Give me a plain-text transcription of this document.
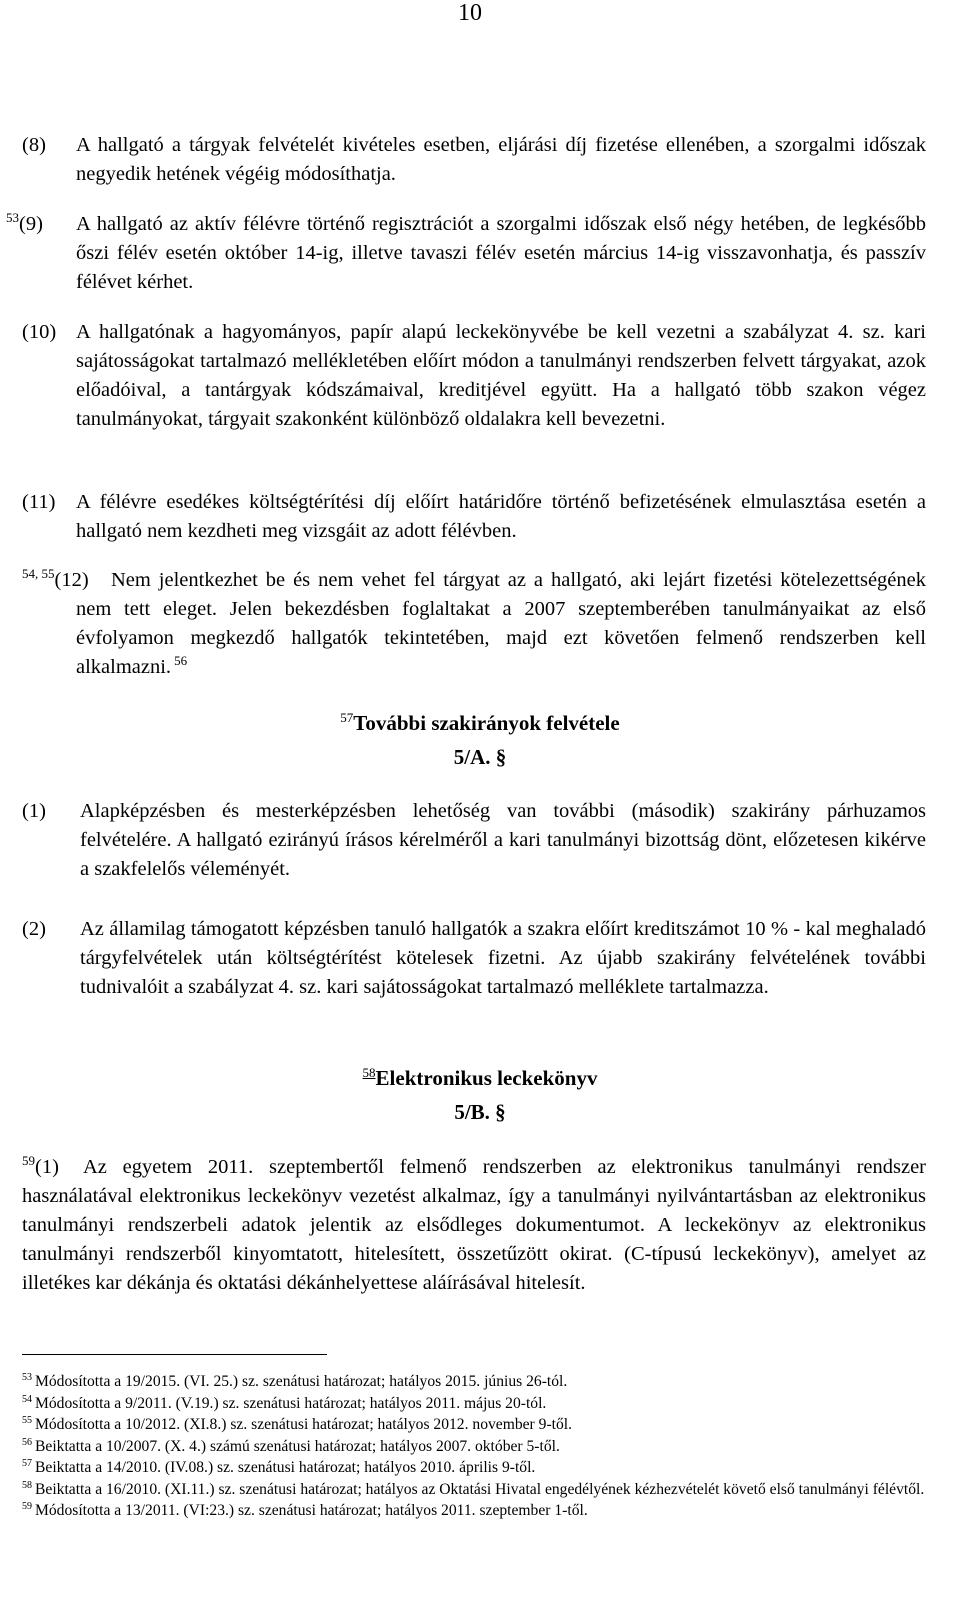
10
(8) A hallgató a tárgyak felvételét kivételes esetben, eljárási díj fizetése ellenében, a szorgalmi időszak negyedik hetének végéig módosíthatja.
$^{53}$(9) A hallgató az aktív félévre történő regisztrációt a szorgalmi időszak első négy hetében, de legkésőbb őszi félév esetén október 14-ig, illetve tavaszi félév esetén március 14-ig visszavonhatja, és passzív félévet kérhet.
(10) A hallgatónak a hagyományos, papír alapú leckekönyvébe be kell vezetni a szabályzat 4. sz. kari sajátosságokat tartalmazó mellékletében előírt módon a tanulmányi rendszerben felvett tárgyakat, azok előadóival, a tantárgyak kódszámaival, kreditjével együtt. Ha a hallgató több szakon végez tanulmányokat, tárgyait szakonként különböző oldalakra kell bevezetni.
(11) A félévre esedékes költségtérítési díj előírt határidőre történő befizetésének elmulasztása esetén a hallgató nem kezdheti meg vizsgáit az adott félévben.
$^{54, 55}$(12)	Nem jelentkezhet be és nem vehet fel tárgyat az a hallgató, aki lejárt fizetési kötelezettségének nem tett eleget. Jelen bekezdésben foglaltakat a 2007 szeptemberében tanulmányaikat az első évfolyamon megkezdő hallgatók tekintetében, majd ezt követően felmenő rendszerben kell alkalmazni. $^{56}$
$^{57}$További szakirányok felvétele
5/A. §
(1) Alapképzésben és mesterképzésben lehetőség van további (második) szakirány párhuzamos felvételére. A hallgató ezirányú írásos kérelméről a kari tanulmányi bizottság dönt, előzetesen kikérve a szakfelelős véleményét.
(2) Az államilag támogatott képzésben tanuló hallgatók a szakra előírt kreditszámot 10 % - kal meghaladó tárgyfelvételek után költségtérítést kötelesek fizetni. Az újabb szakirány felvételének további tudnivalóit a szabályzat 4. sz. kari sajátosságokat tartalmazó melléklete tartalmazza.
$^{58}$Elektronikus leckekönyv
5/B. §
$^{59}$(1)	Az egyetem 2011. szeptembertől felmenő rendszerben az elektronikus tanulmányi rendszer használatával elektronikus leckekönyv vezetést alkalmaz, így a tanulmányi nyilvántartásban az elektronikus tanulmányi rendszerbeli adatok jelentik az elsődleges dokumentumot. A leckekönyv az elektronikus tanulmányi rendszerből kinyomtatott, hitelesített, összetűzött okirat. (C-típusú leckekönyv), amelyet az illetékes kar dékánja és oktatási dékánhelyettese aláírásával hitelesít.
$^{53}$ Módosította a 19/2015. (VI. 25.) sz. szenátusi határozat; hatályos 2015. június 26-tól.
$^{54}$ Módosította a 9/2011. (V.19.) sz. szenátusi határozat; hatályos 2011. május 20-tól.
$^{55}$ Módosította a 10/2012. (XI.8.) sz. szenátusi határozat; hatályos 2012. november 9-től.
$^{56}$ Beiktatta a 10/2007. (X. 4.) számú szenátusi határozat; hatályos 2007. október 5-től.
$^{57}$ Beiktatta a 14/2010. (IV.08.) sz. szenátusi határozat; hatályos 2010. április 9-től.
$^{58}$ Beiktatta a 16/2010. (XI.11.) sz. szenátusi határozat; hatályos az Oktatási Hivatal engedélyének kézhezvételét követő első tanulmányi félévtől.
$^{59}$ Módosította a 13/2011. (VI:23.) sz. szenátusi határozat; hatályos 2011. szeptember 1-től.
